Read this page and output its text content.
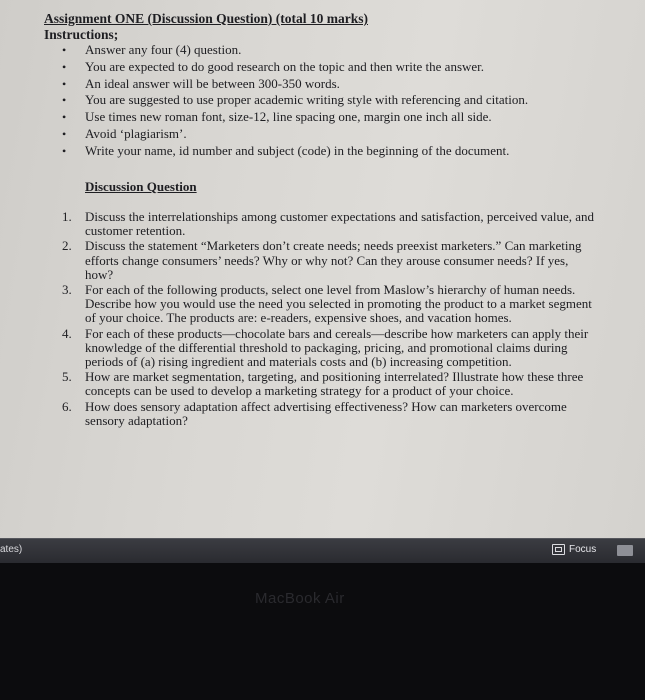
Assignment ONE (Discussion Question) (total 10 marks)
Instructions;
• Answer any four (4) question.
• You are expected to do good research on the topic and then write the answer.
• An ideal answer will be between 300-350 words.
• You are suggested to use proper academic writing style with referencing and citation.
• Use times new roman font, size-12, line spacing one, margin one inch all side.
• Avoid ‘plagiarism’.
• Write your name, id number and subject (code) in the beginning of the document.
Discussion Question
1. Discuss the interrelationships among customer expectations and satisfaction, perceived value, and customer retention.
2. Discuss the statement “Marketers don’t create needs; needs preexist marketers.” Can marketing efforts change consumers’ needs? Why or why not? Can they arouse consumer needs? If yes, how?
3. For each of the following products, select one level from Maslow’s hierarchy of human needs. Describe how you would use the need you selected in promoting the product to a market segment of your choice. The products are: e-readers, expensive shoes, and vacation homes.
4. For each of these products—chocolate bars and cereals—describe how marketers can apply their knowledge of the differential threshold to packaging, pricing, and promotional claims during periods of (a) rising ingredient and materials costs and (b) increasing competition.
5. How are market segmentation, targeting, and positioning interrelated? Illustrate how these three concepts can be used to develop a marketing strategy for a product of your choice.
6. How does sensory adaptation affect advertising effectiveness? How can marketers overcome sensory adaptation?
ates)	Focus
MacBook Air
